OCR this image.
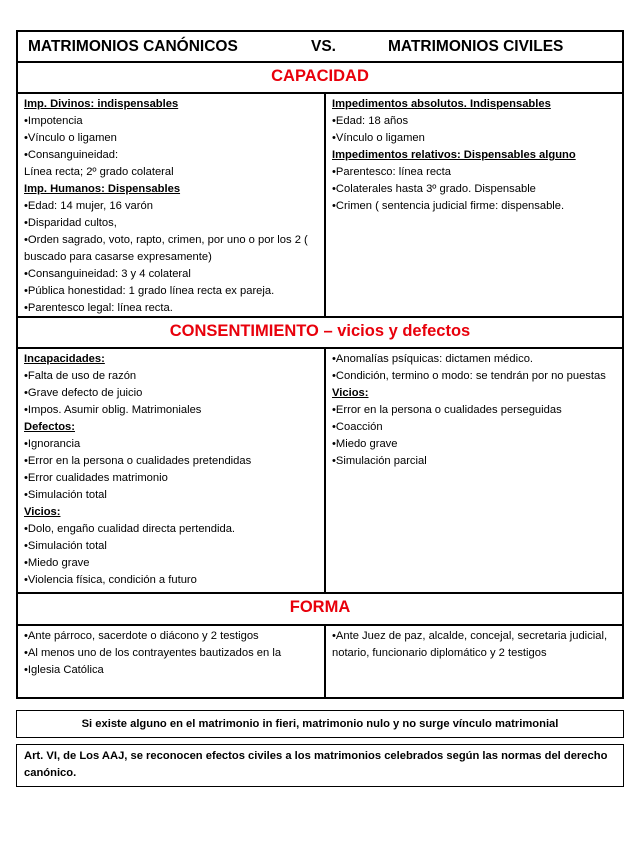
MATRIMONIOS CANÓNICOS	VS.	MATRIMONIOS CIVILES
CAPACIDAD
Imp. Divinos: indispensables
•Impotencia
•Vínculo o ligamen
•Consanguineidad:
Línea recta; 2º grado colateral
Imp. Humanos: Dispensables
•Edad: 14 mujer, 16 varón
•Disparidad cultos,
•Orden sagrado, voto, rapto, crimen, por uno o por los 2 ( buscado para casarse expresamente)
•Consanguineidad: 3 y 4 colateral
•Pública honestidad: 1 grado línea recta ex pareja.
•Parentesco legal: línea recta.
Impedimentos absolutos. Indispensables
•Edad: 18 años
•Vínculo o ligamen
Impedimentos relativos: Dispensables alguno
•Parentesco: línea recta
•Colaterales hasta 3º grado. Dispensable
•Crimen ( sentencia judicial firme: dispensable.
CONSENTIMIENTO – vicios y defectos
Incapacidades:
•Falta de uso de razón
•Grave defecto de juicio
•Impos. Asumir oblig. Matrimoniales
Defectos:
•Ignorancia
•Error en la persona o cualidades pretendidas
•Error cualidades matrimonio
•Simulación total
Vicios:
•Dolo, engaño cualidad directa pertendida.
•Simulación total
•Miedo grave
•Violencia física, condición a futuro
•Anomalías psíquicas: dictamen médico.
•Condición, termino o modo: se tendrán por no puestas
Vicios:
•Error en la persona o cualidades perseguidas
•Coacción
•Miedo grave
•Simulación parcial
FORMA
•Ante párroco, sacerdote o diácono y 2 testigos
•Al menos uno de los contrayentes bautizados en la
•Iglesia Católica
•Ante Juez de paz, alcalde, concejal, secretaria judicial, notario, funcionario diplomático y 2 testigos
Si existe alguno en el matrimonio in fieri, matrimonio nulo y no surge vínculo matrimonial
Art. VI, de Los AAJ, se reconocen efectos civiles a los matrimonios celebrados según las normas del derecho canónico.
